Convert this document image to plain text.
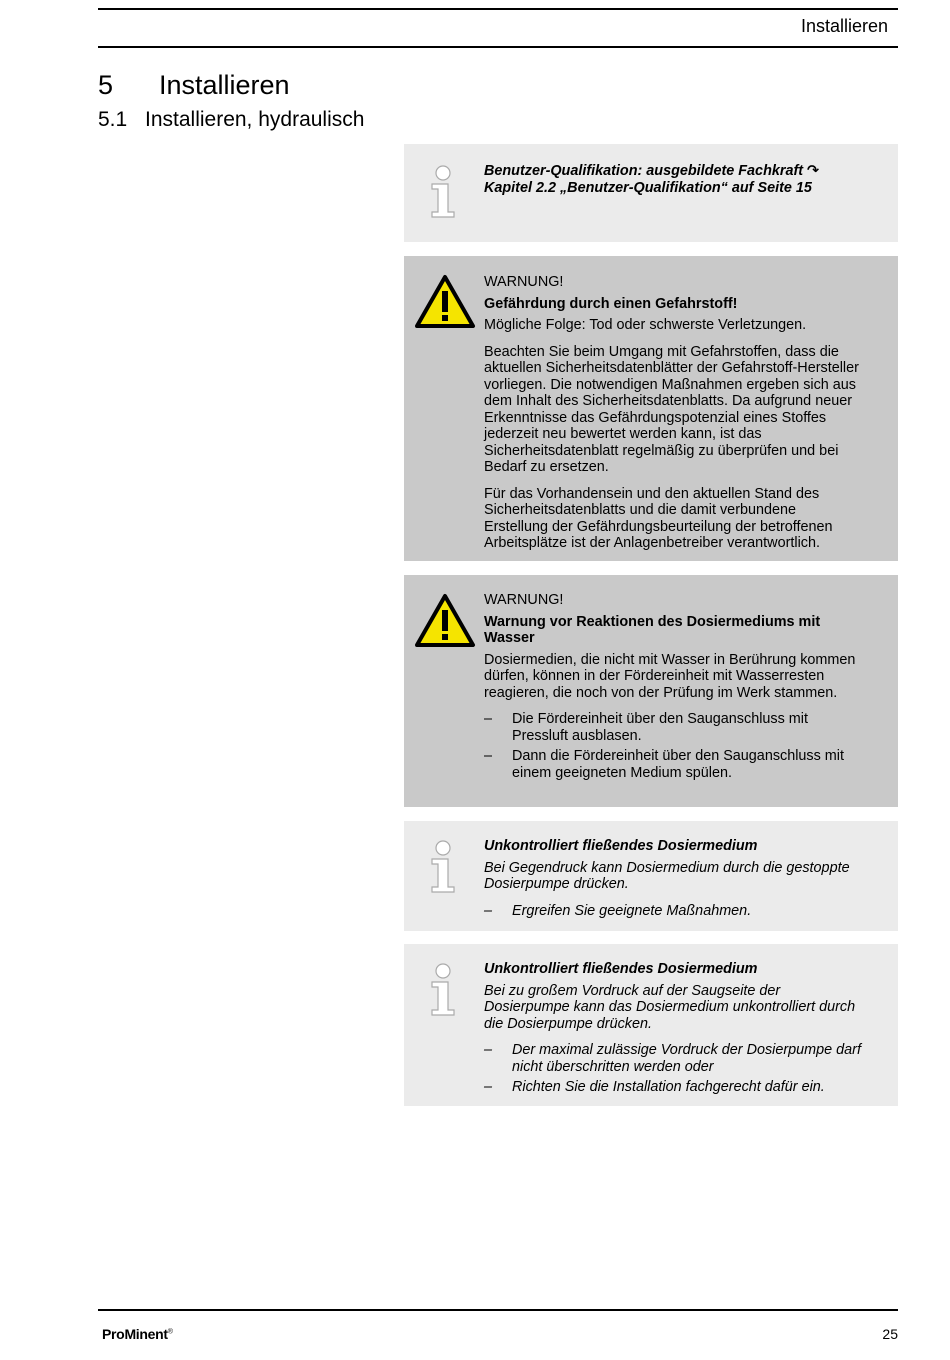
Installieren
5 Installieren
5.1 Installieren, hydraulisch

Benutzer-Qualifikation: ausgebildete Fachkraft ↷ Kapitel 2.2 „Benutzer-Qualifikation“ auf Seite 15

WARNUNG!

Gefährdung durch einen Gefahrstoff!

Mögliche Folge: Tod oder schwerste Verletzungen.

Beachten Sie beim Umgang mit Gefahrstoffen, dass die aktuellen Sicherheitsdatenblätter der Gefahrstoff-Hersteller vorliegen. Die notwendigen Maßnahmen ergeben sich aus dem Inhalt des Sicherheitsdatenblatts. Da aufgrund neuer Erkenntnisse das Gefährdungspotenzial eines Stoffes jederzeit neu bewertet werden kann, ist das Sicherheitsdatenblatt regelmäßig zu überprüfen und bei Bedarf zu ersetzen.

Für das Vorhandensein und den aktuellen Stand des Sicherheitsdatenblatts und die damit verbundene Erstellung der Gefährdungsbeurteilung der betroffenen Arbeitsplätze ist der Anlagenbetreiber verantwortlich.

WARNUNG!

Warnung vor Reaktionen des Dosiermediums mit Wasser

Dosiermedien, die nicht mit Wasser in Berührung kommen dürfen, können in der Fördereinheit mit Wasserresten reagieren, die noch von der Prüfung im Werk stammen.

– Die Fördereinheit über den Sauganschluss mit Pressluft ausblasen.
– Dann die Fördereinheit über den Sauganschluss mit einem geeigneten Medium spülen.

Unkontrolliert fließendes Dosiermedium

Bei Gegendruck kann Dosiermedium durch die gestoppte Dosierpumpe drücken.

– Ergreifen Sie geeignete Maßnahmen.

Unkontrolliert fließendes Dosiermedium

Bei zu großem Vordruck auf der Saugseite der Dosierpumpe kann das Dosiermedium unkontrolliert durch die Dosierpumpe drücken.

– Der maximal zulässige Vordruck der Dosierpumpe darf nicht überschritten werden oder
– Richten Sie die Installation fachgerecht dafür ein.
ProMinent®	25
